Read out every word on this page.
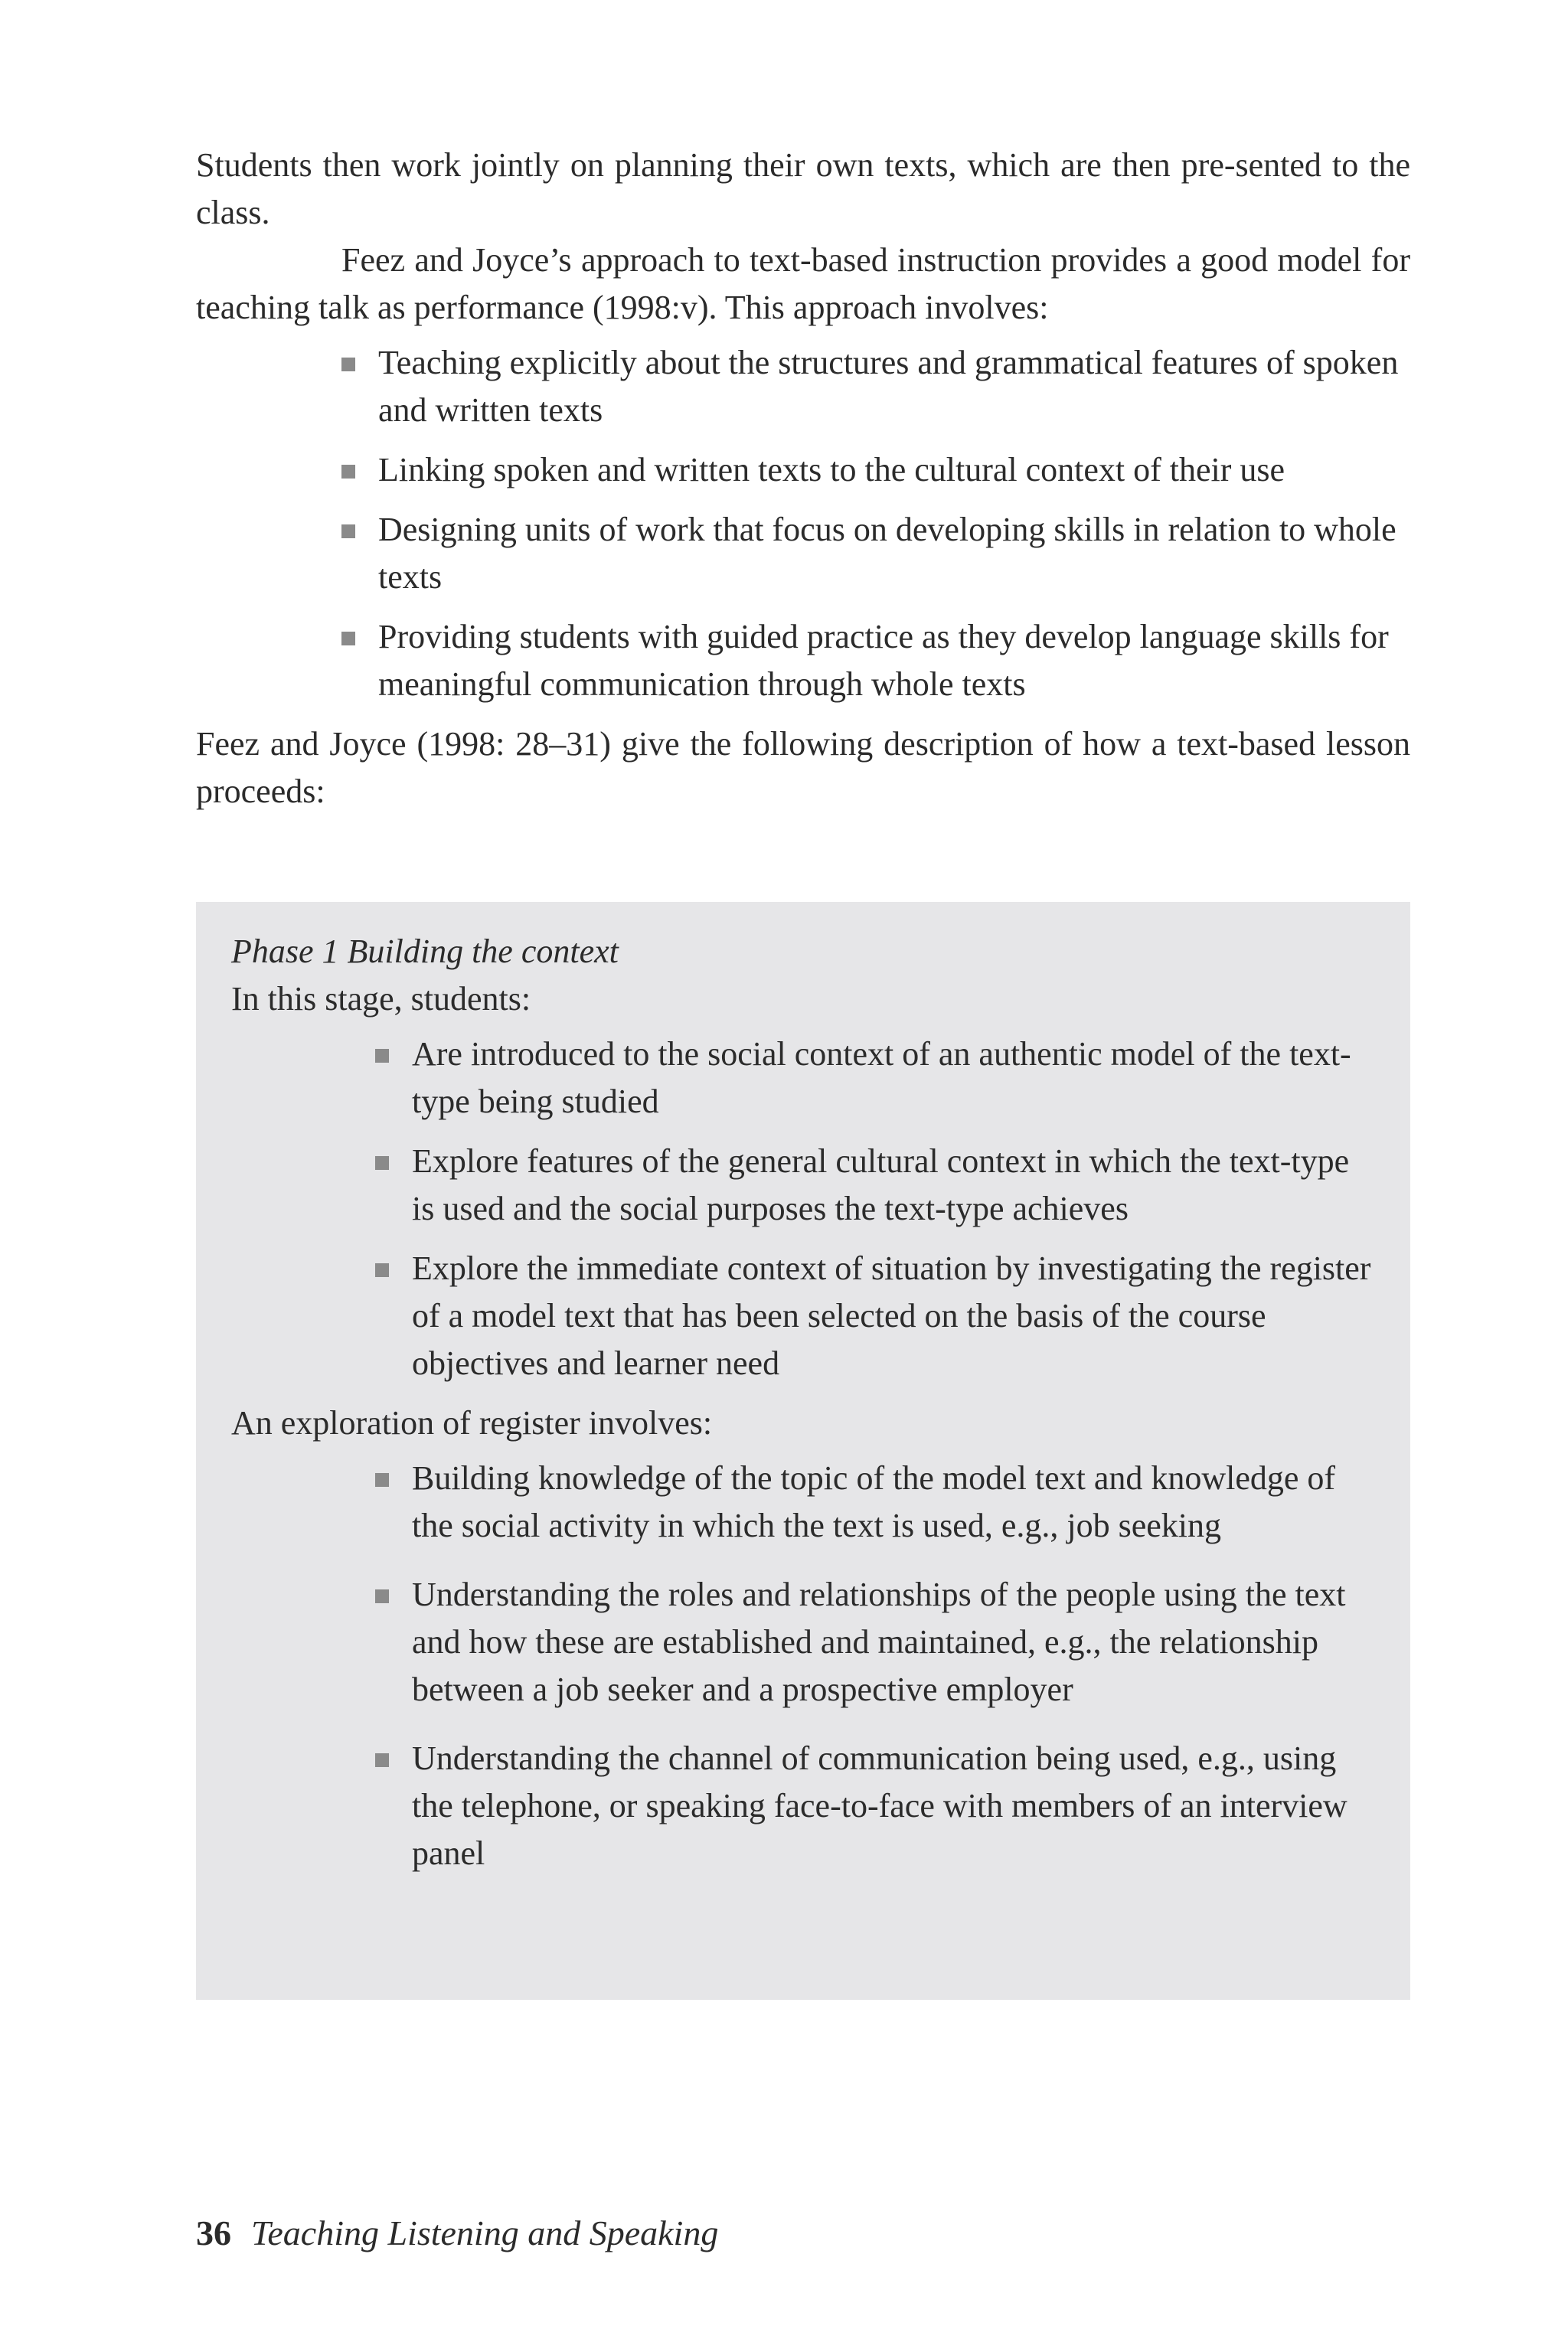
Students then work jointly on planning their own texts, which are then pre-sented to the class.

Feez and Joyce’s approach to text-based instruction provides a good model for teaching talk as performance (1998:v). This approach involves:

Teaching explicitly about the structures and grammatical features of spoken and written texts
Linking spoken and written texts to the cultural context of their use
Designing units of work that focus on developing skills in relation to whole texts
Providing students with guided practice as they develop language skills for meaningful communication through whole texts

Feez and Joyce (1998: 28–31) give the following description of how a text-based lesson proceeds:

Phase 1 Building the context

In this stage, students:

Are introduced to the social context of an authentic model of the text-type being studied
Explore features of the general cultural context in which the text-type is used and the social purposes the text-type achieves
Explore the immediate context of situation by investigating the register of a model text that has been selected on the basis of the course objectives and learner need

An exploration of register involves:

Building knowledge of the topic of the model text and knowledge of the social activity in which the text is used, e.g., job seeking
Understanding the roles and relationships of the people using the text and how these are established and maintained, e.g., the relationship between a job seeker and a prospective employer
Understanding the channel of communication being used, e.g., using the telephone, or speaking face-to-face with members of an interview panel
36 Teaching Listening and Speaking
